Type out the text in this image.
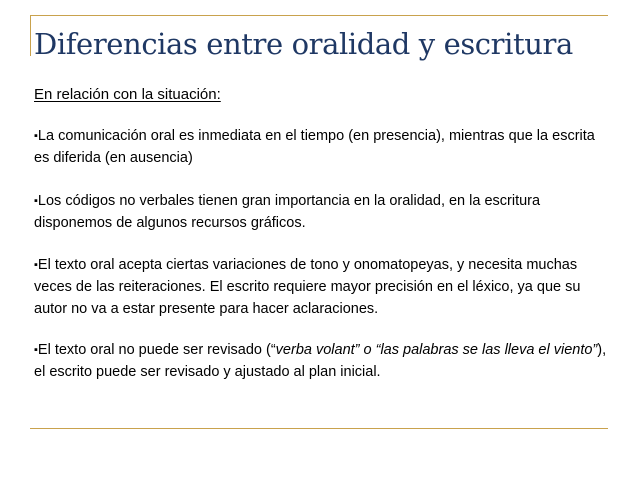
Diferencias entre oralidad y escritura

En relación con la situación:

▪La comunicación oral es inmediata en el tiempo (en presencia), mientras que la escrita es diferida (en ausencia)
▪Los códigos no verbales tienen gran importancia en la oralidad, en la escritura disponemos de algunos recursos gráficos.
▪El texto oral acepta ciertas variaciones de tono y onomatopeyas, y necesita muchas veces de las reiteraciones. El escrito requiere mayor precisión en el léxico, ya que su autor no va a estar presente para hacer aclaraciones.
▪El texto oral no puede ser revisado (“verba volant” o “las palabras se las lleva el viento”), el escrito puede ser revisado y ajustado al plan inicial.
